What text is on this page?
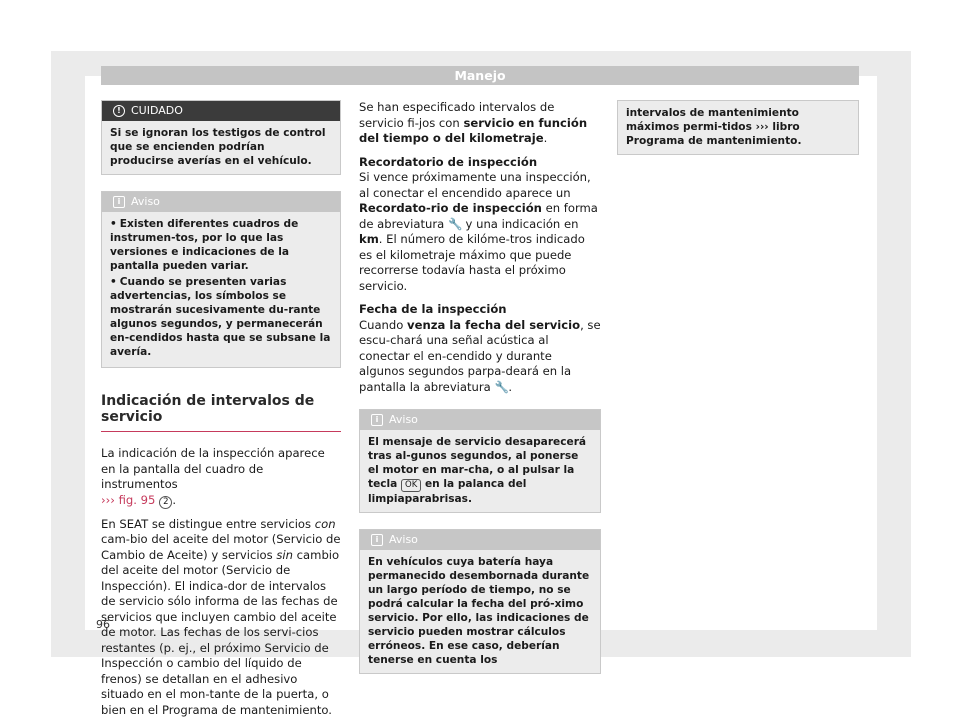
Manejo
! CUIDADO
Si se ignoran los testigos de control que se encienden podrían producirse averías en el vehículo.
i Aviso
• Existen diferentes cuadros de instrumen-tos, por lo que las versiones e indicaciones de la pantalla pueden variar.
• Cuando se presenten varias advertencias, los símbolos se mostrarán sucesivamente du-rante algunos segundos, y permanecerán en-cendidos hasta que se subsane la avería.
Indicación de intervalos de servicio

La indicación de la inspección aparece en la pantalla del cuadro de instrumentos
››› fig. 95 2 .

En SEAT se distingue entre servicios con cam-bio del aceite del motor (Servicio de Cambio de Aceite) y servicios sin cambio del aceite del motor (Servicio de Inspección). El indica-dor de intervalos de servicio sólo informa de las fechas de servicios que incluyen cambio del aceite de motor. Las fechas de los servi-cios restantes (p. ej., el próximo Servicio de Inspección o cambio del líquido de frenos) se detallan en el adhesivo situado en el mon-tante de la puerta, o bien en el Programa de mantenimiento.

Se han especificado intervalos de servicio fi-jos con servicio en función del tiempo o del kilometraje.

Recordatorio de inspección

Si vence próximamente una inspección, al conectar el encendido aparece un Recordato-rio de inspección en forma de abreviatura 🔧 y una indicación en km. El número de kilóme-tros indicado es el kilometraje máximo que puede recorrerse todavía hasta el próximo servicio.

Fecha de la inspección

Cuando venza la fecha del servicio, se escu-chará una señal acústica al conectar el en-cendido y durante algunos segundos parpa-deará en la pantalla la abreviatura 🔧.

i Aviso
El mensaje de servicio desaparecerá tras al-gunos segundos, al ponerse el motor en mar-cha, o al pulsar la tecla OK en la palanca del limpiaparabrisas.
i Aviso
En vehículos cuya batería haya permanecido desembornada durante un largo período de tiempo, no se podrá calcular la fecha del pró-ximo servicio. Por ello, las indicaciones de servicio pueden mostrar cálculos erróneos. En ese caso, deberían tenerse en cuenta los
intervalos de mantenimiento máximos permi-tidos ››› libro Programa de mantenimiento.
96
